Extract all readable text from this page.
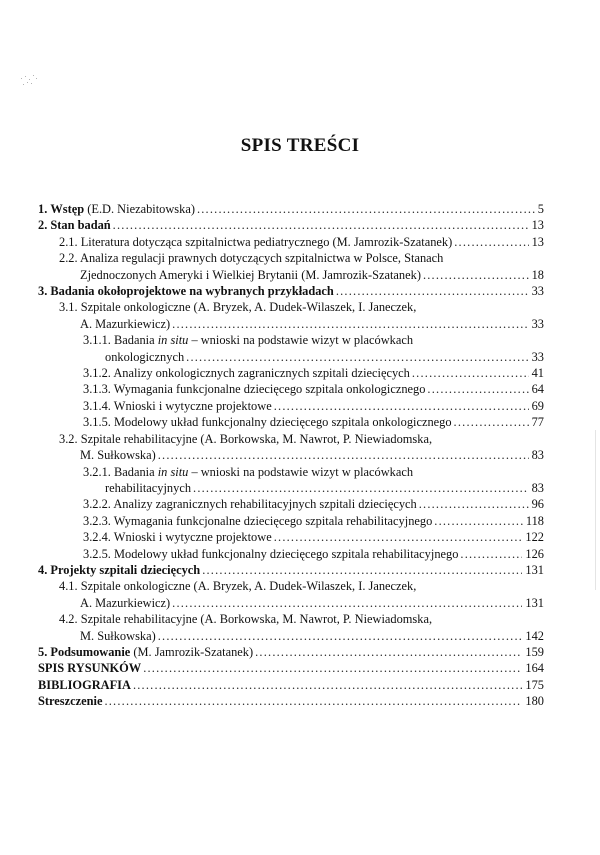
SPIS TREŚCI
1. Wstęp (E.D. Niezabitowska) .....	5
2. Stan badań .....	13
2.1. Literatura dotycząca szpitalnictwa pediatrycznego (M. Jamrozik-Szatanek) .....	13
2.2. Analiza regulacji prawnych dotyczących szpitalnictwa w Polsce, Stanach
Zjednoczonych Ameryki i Wielkiej Brytanii (M. Jamrozik-Szatanek) .....	18
3. Badania okołoprojektowe na wybranych przykładach .....	33
3.1. Szpitale onkologiczne (A. Bryzek, A. Dudek-Wilaszek, I. Janeczek,
A. Mazurkiewicz) .....	33
3.1.1. Badania in situ – wnioski na podstawie wizyt w placówkach
onkologicznych .....	33
3.1.2. Analizy onkologicznych zagranicznych szpitali dziecięcych .....	41
3.1.3. Wymagania funkcjonalne dziecięcego szpitala onkologicznego .....	64
3.1.4. Wnioski i wytyczne projektowe .....	69
3.1.5. Modelowy układ funkcjonalny dziecięcego szpitala onkologicznego .....	77
3.2. Szpitale rehabilitacyjne (A. Borkowska, M. Nawrot, P. Niewiadomska,
M. Sułkowska) .....	83
3.2.1. Badania in situ – wnioski na podstawie wizyt w placówkach
rehabilitacyjnych .....	83
3.2.2. Analizy zagranicznych rehabilitacyjnych szpitali dziecięcych .....	96
3.2.3. Wymagania funkcjonalne dziecięcego szpitala rehabilitacyjnego .....	118
3.2.4. Wnioski i wytyczne projektowe .....	122
3.2.5. Modelowy układ funkcjonalny dziecięcego szpitala rehabilitacyjnego .....	126
4. Projekty szpitali dziecięcych .....	131
4.1. Szpitale onkologiczne (A. Bryzek, A. Dudek-Wilaszek, I. Janeczek,
A. Mazurkiewicz) .....	131
4.2. Szpitale rehabilitacyjne (A. Borkowska, M. Nawrot, P. Niewiadomska,
M. Sułkowska) .....	142
5. Podsumowanie (M. Jamrozik-Szatanek) .....	159
SPIS RYSUNKÓW .....	164
BIBLIOGRAFIA .....	175
Streszczenie .....	180
